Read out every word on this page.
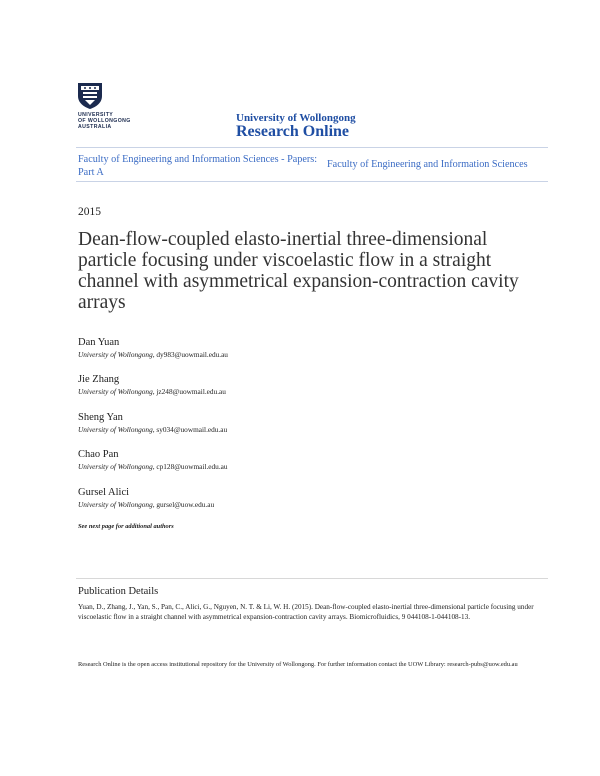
UNIVERSITY
OF WOLLONGONG
AUSTRALIA
University of Wollongong
Research Online
Faculty of Engineering and Information Sciences - Papers: Part A
Faculty of Engineering and Information Sciences
2015
Dean-flow-coupled elasto-inertial three-dimensional particle focusing under viscoelastic flow in a straight channel with asymmetrical expansion-contraction cavity arrays
Dan Yuan
University of Wollongong, dy983@uowmail.edu.au
Jie Zhang
University of Wollongong, jz248@uowmail.edu.au
Sheng Yan
University of Wollongong, sy034@uowmail.edu.au
Chao Pan
University of Wollongong, cp128@uowmail.edu.au
Gursel Alici
University of Wollongong, gursel@uow.edu.au
See next page for additional authors
Publication Details
Yuan, D., Zhang, J., Yan, S., Pan, C., Alici, G., Nguyen, N. T. & Li, W. H. (2015). Dean-flow-coupled elasto-inertial three-dimensional particle focusing under viscoelastic flow in a straight channel with asymmetrical expansion-contraction cavity arrays. Biomicrofluidics, 9 044108-1-044108-13.
Research Online is the open access institutional repository for the University of Wollongong. For further information contact the UOW Library: research-pubs@uow.edu.au
